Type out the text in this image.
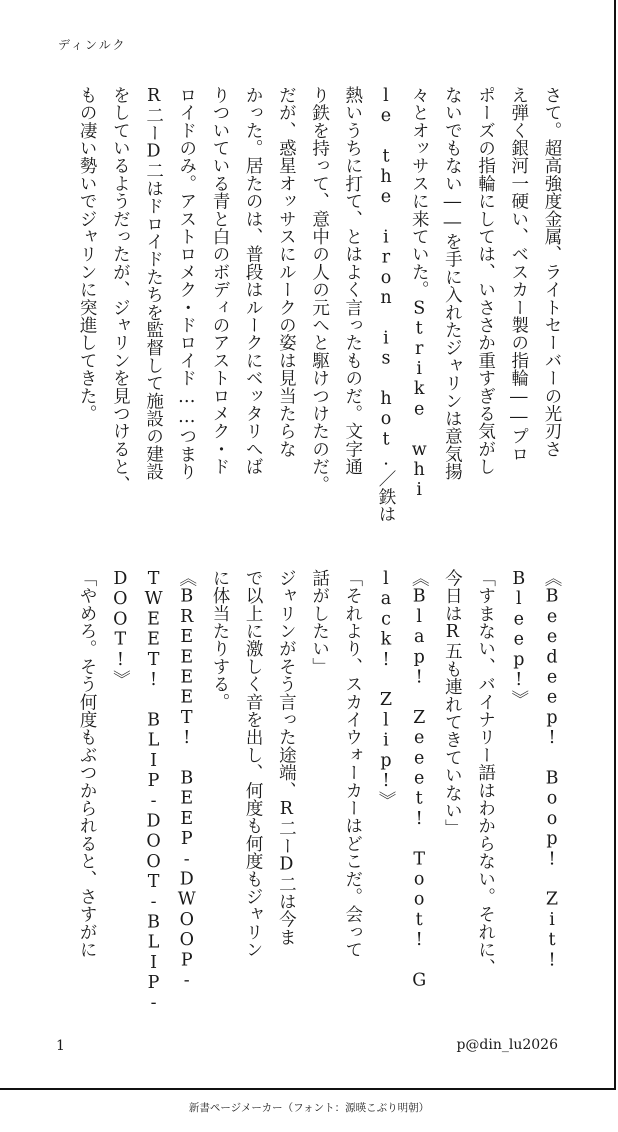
ディンルク

さて。超高強度金属、ライトセーバーの光刃さ

え弾く銀河一硬い、ベスカー製の指輪――プロ

ポーズの指輪にしては、いささか重すぎる気がし

ないでもない――を手に入れたジャリンは意気揚

々とオッサスに来ていた。Strike whi

le the iron is hot.／鉄は

熱いうちに打て、とはよく言ったものだ。文字通

り鉄を持って、意中の人の元へと駆けつけたのだ。

だが、惑星オッサスにルークの姿は見当たらな

かった。居たのは、普段はルークにベッタリへば

りついている青と白のボディのアストロメク・ド

ロイドのみ。アストロメク・ドロイド……つまり

R二ーD二はドロイドたちを監督して施設の建設

をしているようだったが、ジャリンを見つけると、

もの凄い勢いでジャリンに突進してきた。

《Beedeep! Boop! Zit!

Bleep!》

「すまない、バイナリー語はわからない。それに、

今日はR五も連れてきていない」

《Blap! Zeeet! Toot! G

lack! Zlip!》

「それより、スカイウォーカーはどこだ。会って

話がしたい」

ジャリンがそう言った途端、R二ーD二は今ま

で以上に激しく音を出し、何度も何度もジャリン

に体当たりする。

《BREEEET! BEEP-DWOOP-

TWEET! BLIP-DOOT-BLIP-

DOOT!》

「やめろ。そう何度もぶつかられると、さすがに

1	p@din_lu2026
新書ページメーカー（フォント：源暎こぶり明朝）
